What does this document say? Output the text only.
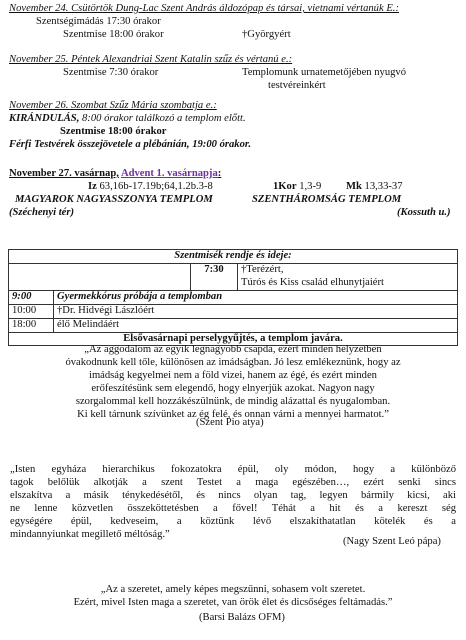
November 24. Csütörtök Dung-Lac Szent András áldozópap és társai, vietnami vértanúk E.:
Szentségimádás 17:30 órakor
Szentmise 18:00 órakor	†Györgyért
November 25. Péntek Alexandriai Szent Katalin szűz és vértanú e.:
Szentmise 7:30 órakor	Templomunk urnatemetőjében nyugvó
testvéreinkért
November 26. Szombat Szűz Mária szombatja e.:
KIRÁNDULÁS, 8:00 órakor találkozó a templom előtt.
Szentmise 18:00 órakor
Férfi Testvérek összejövetele a plébánián, 19:00 órakor.
November 27. vasárnap, Advent 1. vasárnapja:
Iz 63,16b-17.19b;64,1.2b.3-8	1Kor 1,3-9 Mk 13,33-37
MAGYAROK NAGYASSZONYA TEMPLOM	SZENTHÁROMSÁG TEMPLOM
(Széchenyi tér)	(Kossuth u.)
Szentmisék rendje és ideje:			
		7:30	†Terézért,
Túrós és Kiss család elhunytjaiért

9:00	Gyermekkórus próbája a templomban		
10:00	†Dr. Hidvégi Lászlóért		
18:00	élő Melindáért		
Elsővasárnapi perselygyűjtés, a templom javára.			

„Az aggodalom az egyik legnagyobb csapda, ezért minden helyzetben

óvakodnunk kell tőle, különösen az imádságban. Jó lesz emlékeznünk, hogy az

imádság kegyelmei nem a föld vizei, hanem az égé, és ezért minden

erőfeszítésünk sem elegendő, hogy elnyerjük azokat. Nagyon nagy

szorgalommal kell hozzákészülnünk, de mindig alázattal és nyugalomban.

Ki kell tárnunk szívünket az ég felé, és onnan várni a mennyei harmatot.”

(Szent Pio atya)

„Isten egyháza hierarchikus fokozatokra épül, oly módon, hogy a különböző

tagok belőlük alkotják a szent Testet a maga egészében…, ezért senki sincs

elszakítva a másik ténykedésétől, és nincs olyan tag, legyen bármily kicsi, aki

ne lenne közvetlen összeköttetésben a fővel! Téhát a hit és a kereszt ség

egységére épül, kedveseim, a köztünk lévő elszakíthatatlan kötelék és a

mindannyiunkat megillető méltóság.”

(Nagy Szent Leó pápa)

„Az a szeretet, amely képes megszűnni, sohasem volt szeretet.

Ezért, mivel Isten maga a szeretet, van örök élet és dicsőséges feltámadás.”

(Barsi Balázs OFM)
